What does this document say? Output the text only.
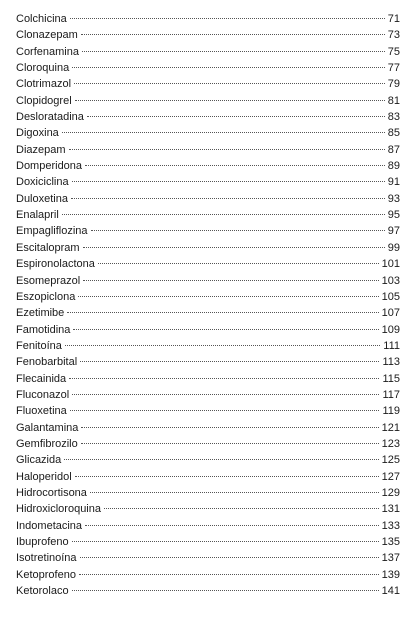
Colchicina	71
Clonazepam	73
Corfenamina	75
Cloroquina	77
Clotrimazol	79
Clopidogrel	81
Desloratadina	83
Digoxina	85
Diazepam	87
Domperidona	89
Doxiciclina	91
Duloxetina	93
Enalapril	95
Empagliflozina	97
Escitalopram	99
Espironolactona	101
Esomeprazol	103
Eszopiclona	105
Ezetimibe	107
Famotidina	109
Fenitoína	111
Fenobarbital	113
Flecainida	115
Fluconazol	117
Fluoxetina	119
Galantamina	121
Gemfibrozilo	123
Glicazida	125
Haloperidol	127
Hidrocortisona	129
Hidroxicloroquina	131
Indometacina	133
Ibuprofeno	135
Isotretinoína	137
Ketoprofeno	139
Ketorolaco	141
